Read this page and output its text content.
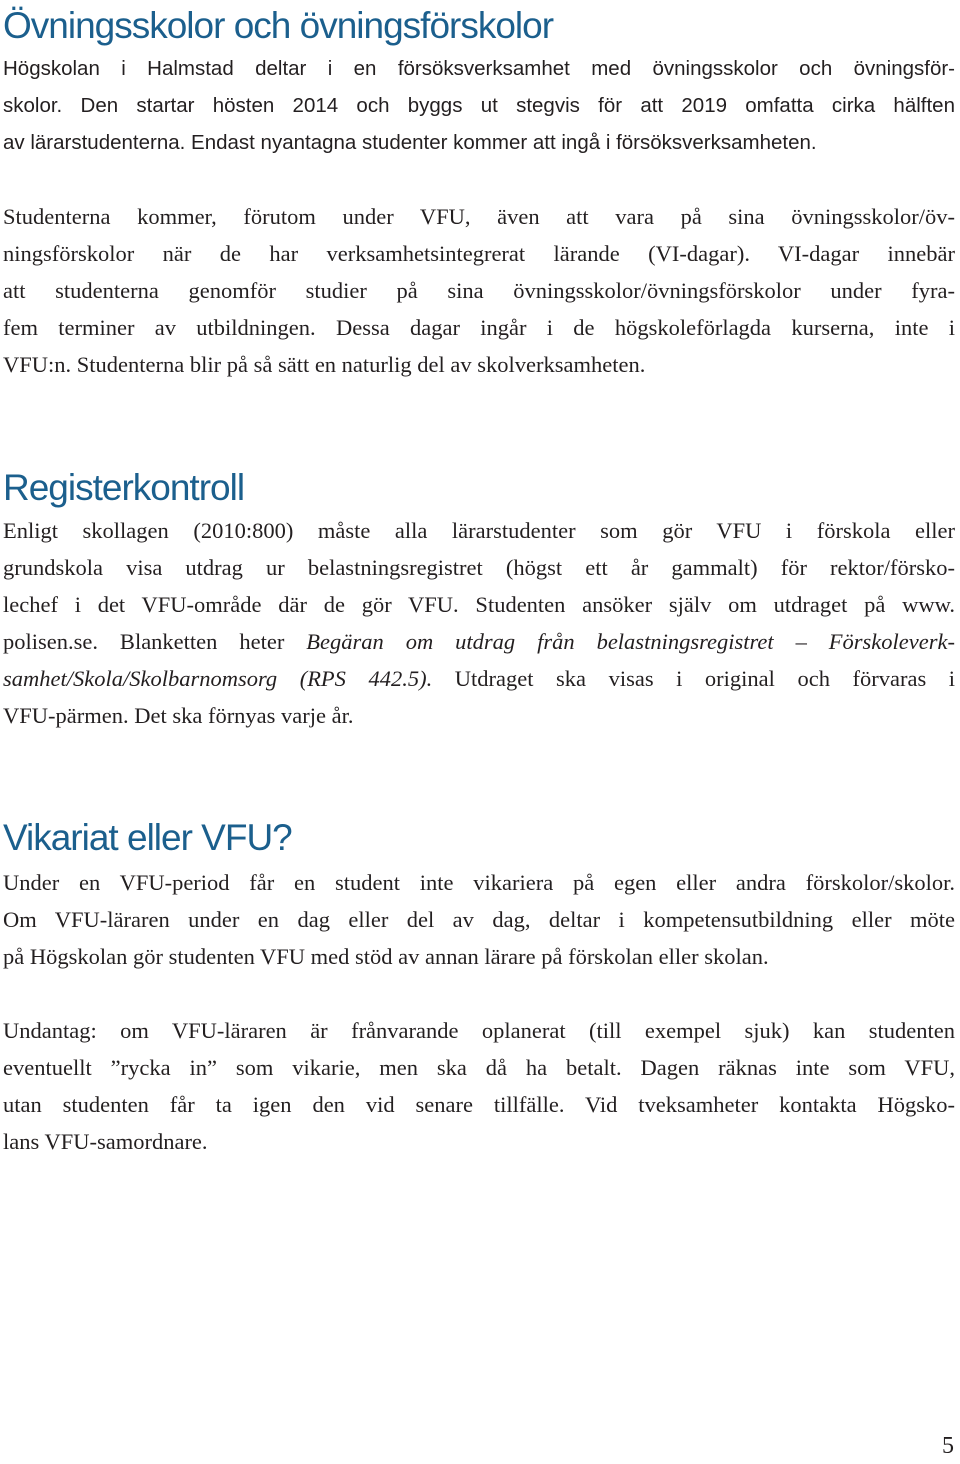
Övningsskolor och övningsförskolor

Högskolan i Halmstad deltar i en försöksverksamhet med övningsskolor och övningsför-
skolor. Den startar hösten 2014 och byggs ut stegvis för att 2019 omfatta cirka hälften
av lärarstudenterna. Endast nyantagna studenter kommer att ingå i försöksverksamheten.

Studenterna kommer, förutom under VFU, även att vara på sina övningsskolor/öv-
ningsförskolor när de har verksamhetsintegrerat lärande (VI-dagar). VI-dagar innebär
att studenterna genomför studier på sina övningsskolor/övningsförskolor under fyra-
fem terminer av utbildningen. Dessa dagar ingår i de högskoleförlagda kurserna, inte i
VFU:n. Studenterna blir på så sätt en naturlig del av skolverksamheten.

Registerkontroll

Enligt skollagen (2010:800) måste alla lärarstudenter som gör VFU i förskola eller
grundskola visa utdrag ur belastningsregistret (högst ett år gammalt) för rektor/försko-
lechef i det VFU-område där de gör VFU. Studenten ansöker själv om utdraget på www.
polisen.se. Blanketten heter Begäran om utdrag från belastningsregistret – Förskoleverk-
samhet/Skola/Skolbarnomsorg (RPS 442.5). Utdraget ska visas i original och förvaras i
VFU-pärmen. Det ska förnyas varje år.

Vikariat eller VFU?

Under en VFU-period får en student inte vikariera på egen eller andra förskolor/skolor.
Om VFU-läraren under en dag eller del av dag, deltar i kompetensutbildning eller möte
på Högskolan gör studenten VFU med stöd av annan lärare på förskolan eller skolan.

Undantag: om VFU-läraren är frånvarande oplanerat (till exempel sjuk) kan studenten
eventuellt ”rycka in” som vikarie, men ska då ha betalt. Dagen räknas inte som VFU,
utan studenten får ta igen den vid senare tillfälle. Vid tveksamheter kontakta Högsko-
lans VFU-samordnare.

5
